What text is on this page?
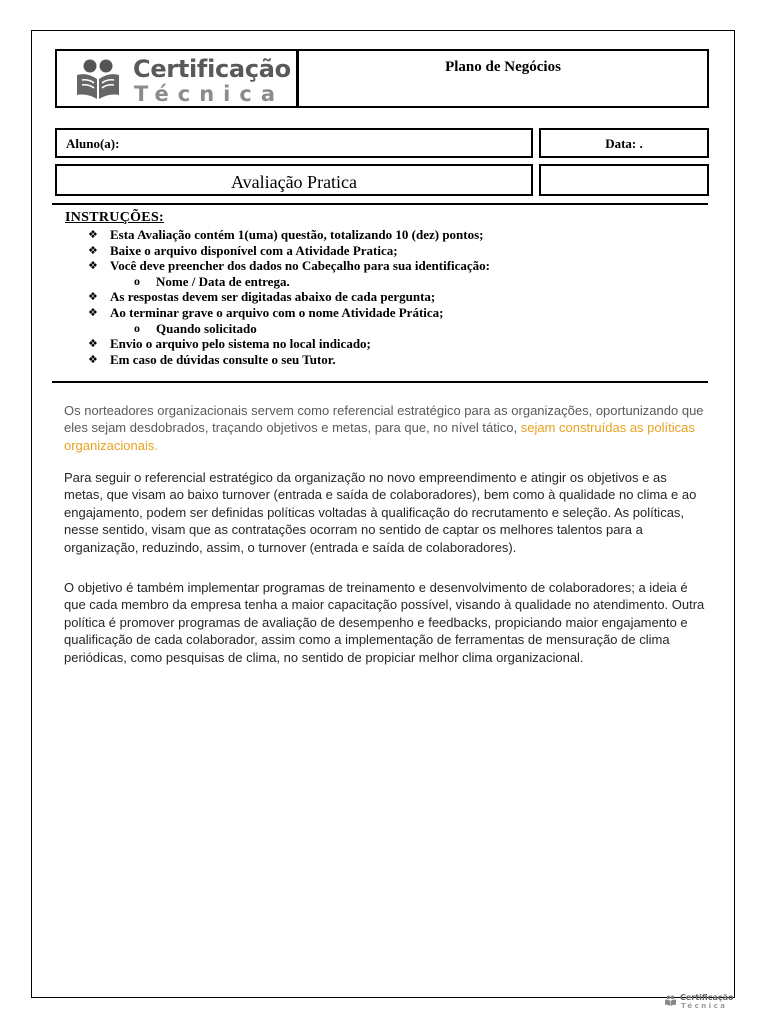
Certificação
Técnica
Plano de Negócios
Aluno(a):	Data: .
Avaliação Pratica
INSTRUÇÕES:
❖ Esta Avaliação contém 1(uma) questão, totalizando 10 (dez) pontos;
❖ Baixe o arquivo disponível com a Atividade Pratica;
❖ Você deve preencher dos dados no Cabeçalho para sua identificação:
o Nome / Data de entrega.
❖ As respostas devem ser digitadas abaixo de cada pergunta;
❖ Ao terminar grave o arquivo com o nome Atividade Prática;
o Quando solicitado
❖ Envio o arquivo pelo sistema no local indicado;
❖ Em caso de dúvidas consulte o seu Tutor.

Os norteadores organizacionais servem como referencial estratégico para as organizações, oportunizando que eles sejam desdobrados, traçando objetivos e metas, para que, no nível tático, sejam construídas as políticas organizacionais.

Para seguir o referencial estratégico da organização no novo empreendimento e atingir os objetivos e as metas, que visam ao baixo turnover (entrada e saída de colaboradores), bem como à qualidade no clima e ao engajamento, podem ser definidas políticas voltadas à qualificação do recrutamento e seleção. As políticas, nesse sentido, visam que as contratações ocorram no sentido de captar os melhores talentos para a organização, reduzindo, assim, o turnover (entrada e saída de colaboradores).

O objetivo é também implementar programas de treinamento e desenvolvimento de colaboradores; a ideia é que cada membro da empresa tenha a maior capacitação possível, visando à qualidade no atendimento. Outra política é promover programas de avaliação de desempenho e feedbacks, propiciando maior engajamento e qualificação de cada colaborador, assim como a implementação de ferramentas de mensuração de clima periódicas, como pesquisas de clima, no sentido de propiciar melhor clima organizacional.

Certificação
Técnica
